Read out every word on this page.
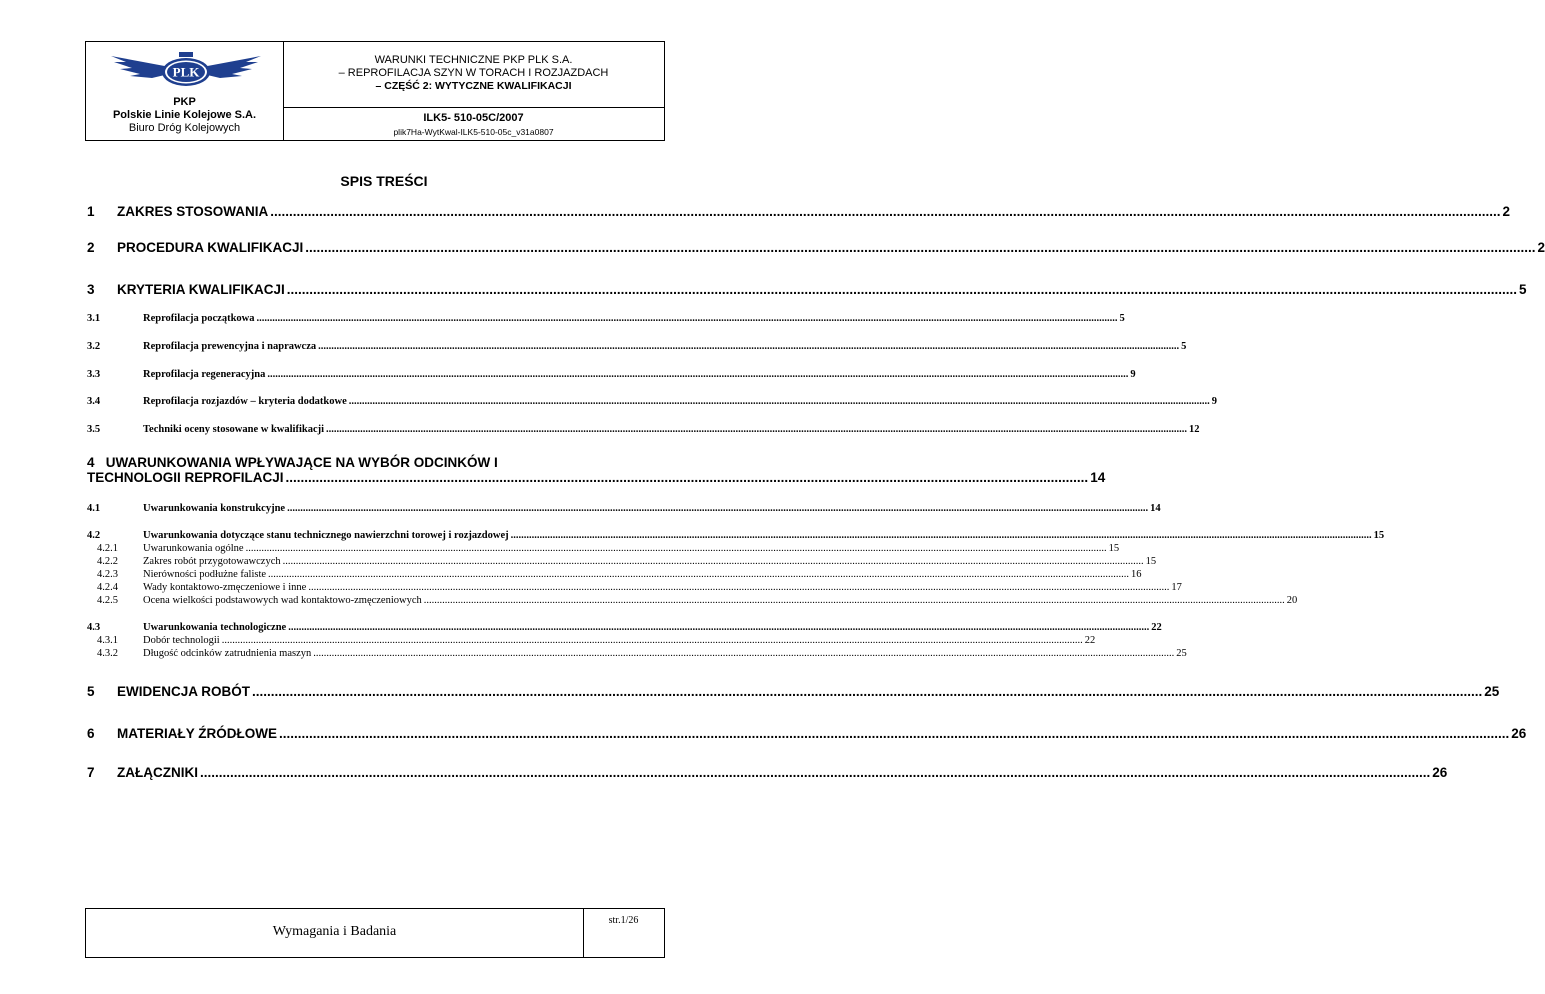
PLK
PKP
Polskie Linie Kolejowe S.A.
Biuro Dróg Kolejowych
WARUNKI TECHNICZNE PKP PLK S.A.
– REPROFILACJA SZYN W TORACH I ROZJAZDACH
– CZĘŚĆ 2: WYTYCZNE KWALIFIKACJI
ILK5- 510-05C/2007
plik7Ha-WytKwal-ILK5-510-05c_v31a0807
SPIS TREŚCI
1	ZAKRES STOSOWANIA .....	2
2	PROCEDURA KWALIFIKACJI .....	2
3	KRYTERIA KWALIFIKACJI .....	5
3.1	Reprofilacja początkowa .....	5
3.2	Reprofilacja prewencyjna i naprawcza .....	5
3.3	Reprofilacja regeneracyjna .....	9
3.4	Reprofilacja rozjazdów – kryteria dodatkowe .....	9
3.5	Techniki oceny stosowane w kwalifikacji .....	12
4 UWARUNKOWANIA WPŁYWAJĄCE NA WYBÓR ODCINKÓW I
TECHNOLOGII REPROFILACJI ...................................................................................................................................................................................................................... 14
4.1	Uwarunkowania konstrukcyjne .....	14
4.2	Uwarunkowania dotyczące stanu technicznego nawierzchni torowej i rozjazdowej .....	15
4.2.1	Uwarunkowania ogólne .....	15
4.2.2	Zakres robót przygotowawczych .....	15
4.2.3	Nierówności podłużne faliste .....	16
4.2.4	Wady kontaktowo-zmęczeniowe i inne .....	17
4.2.5	Ocena wielkości podstawowych wad kontaktowo-zmęczeniowych .....	20
4.3	Uwarunkowania technologiczne .....	22
4.3.1	Dobór technologii .....	22
4.3.2	Długość odcinków zatrudnienia maszyn .....	25
5	EWIDENCJA ROBÓT .....	25
6	MATERIAŁY ŹRÓDŁOWE .....	26
7	ZAŁĄCZNIKI .....	26
Wymagania i Badania
str.1/26
